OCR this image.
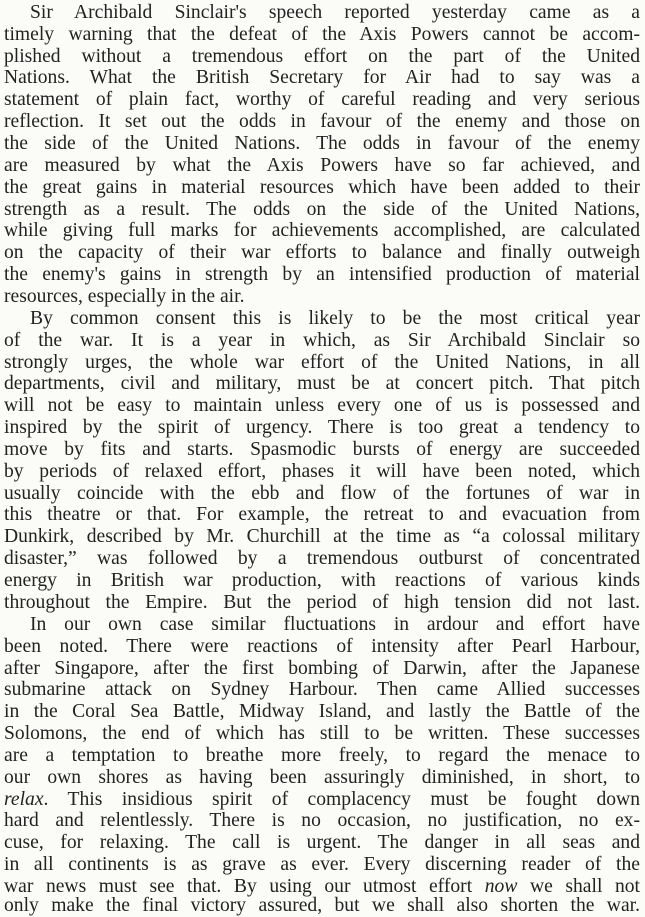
Sir Archibald Sinclair's speech reported yesterday came as a
timely warning that the defeat of the Axis Powers cannot be accom-
plished without a tremendous effort on the part of the United
Nations. What the British Secretary for Air had to say was a
statement of plain fact, worthy of careful reading and very serious
reflection. It set out the odds in favour of the enemy and those on
the side of the United Nations. The odds in favour of the enemy
are measured by what the Axis Powers have so far achieved, and
the great gains in material resources which have been added to their
strength as a result. The odds on the side of the United Nations,
while giving full marks for achievements accomplished, are calculated
on the capacity of their war efforts to balance and finally outweigh
the enemy's gains in strength by an intensified production of material
resources, especially in the air.
By common consent this is likely to be the most critical year
of the war. It is a year in which, as Sir Archibald Sinclair so
strongly urges, the whole war effort of the United Nations, in all
departments, civil and military, must be at concert pitch. That pitch
will not be easy to maintain unless every one of us is possessed and
inspired by the spirit of urgency. There is too great a tendency to
move by fits and starts. Spasmodic bursts of energy are succeeded
by periods of relaxed effort, phases it will have been noted, which
usually coincide with the ebb and flow of the fortunes of war in
this theatre or that. For example, the retreat to and evacuation from
Dunkirk, described by Mr. Churchill at the time as “a colossal military
disaster,” was followed by a tremendous outburst of concentrated
energy in British war production, with reactions of various kinds
throughout the Empire. But the period of high tension did not last.
In our own case similar fluctuations in ardour and effort have
been noted. There were reactions of intensity after Pearl Harbour,
after Singapore, after the first bombing of Darwin, after the Japanese
submarine attack on Sydney Harbour. Then came Allied successes
in the Coral Sea Battle, Midway Island, and lastly the Battle of the
Solomons, the end of which has still to be written. These successes
are a temptation to breathe more freely, to regard the menace to
our own shores as having been assuringly diminished, in short, to
relax. This insidious spirit of complacency must be fought down
hard and relentlessly. There is no occasion, no justification, no ex-
cuse, for relaxing. The call is urgent. The danger in all seas and
in all continents is as grave as ever. Every discerning reader of the
war news must see that. By using our utmost effort now we shall not
only make the final victory assured, but we shall also shorten the war.
